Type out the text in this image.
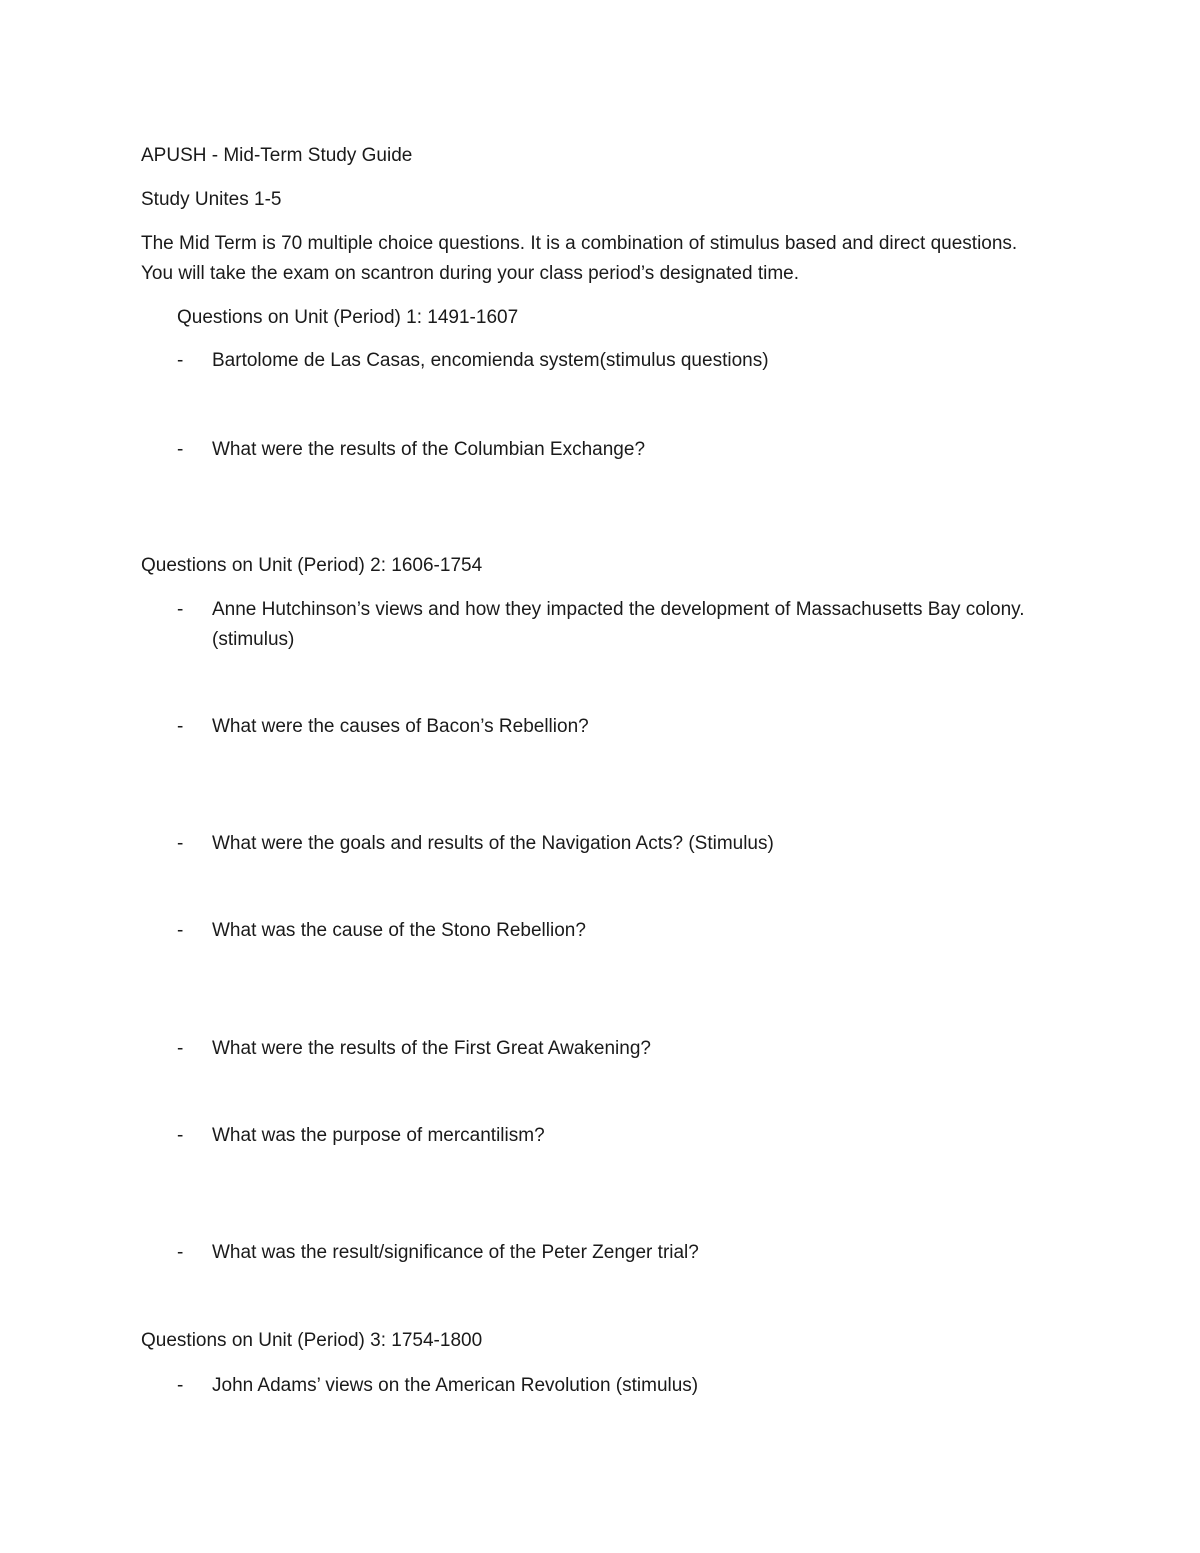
APUSH - Mid-Term Study Guide
Study Unites 1-5
The Mid Term is 70 multiple choice questions. It is a combination of stimulus based and direct questions.
You will take the exam on scantron during your class period’s designated time.
Questions on Unit (Period) 1: 1491-1607
- Bartolome de Las Casas, encomienda system(stimulus questions)
- What were the results of the Columbian Exchange?
Questions on Unit (Period) 2: 1606-1754
- Anne Hutchinson’s views and how they impacted the development of Massachusetts Bay colony.
(stimulus)
- What were the causes of Bacon’s Rebellion?
- What were the goals and results of the Navigation Acts? (Stimulus)
- What was the cause of the Stono Rebellion?
- What were the results of the First Great Awakening?
- What was the purpose of mercantilism?
- What was the result/significance of the Peter Zenger trial?
Questions on Unit (Period) 3: 1754-1800
- John Adams’ views on the American Revolution (stimulus)
